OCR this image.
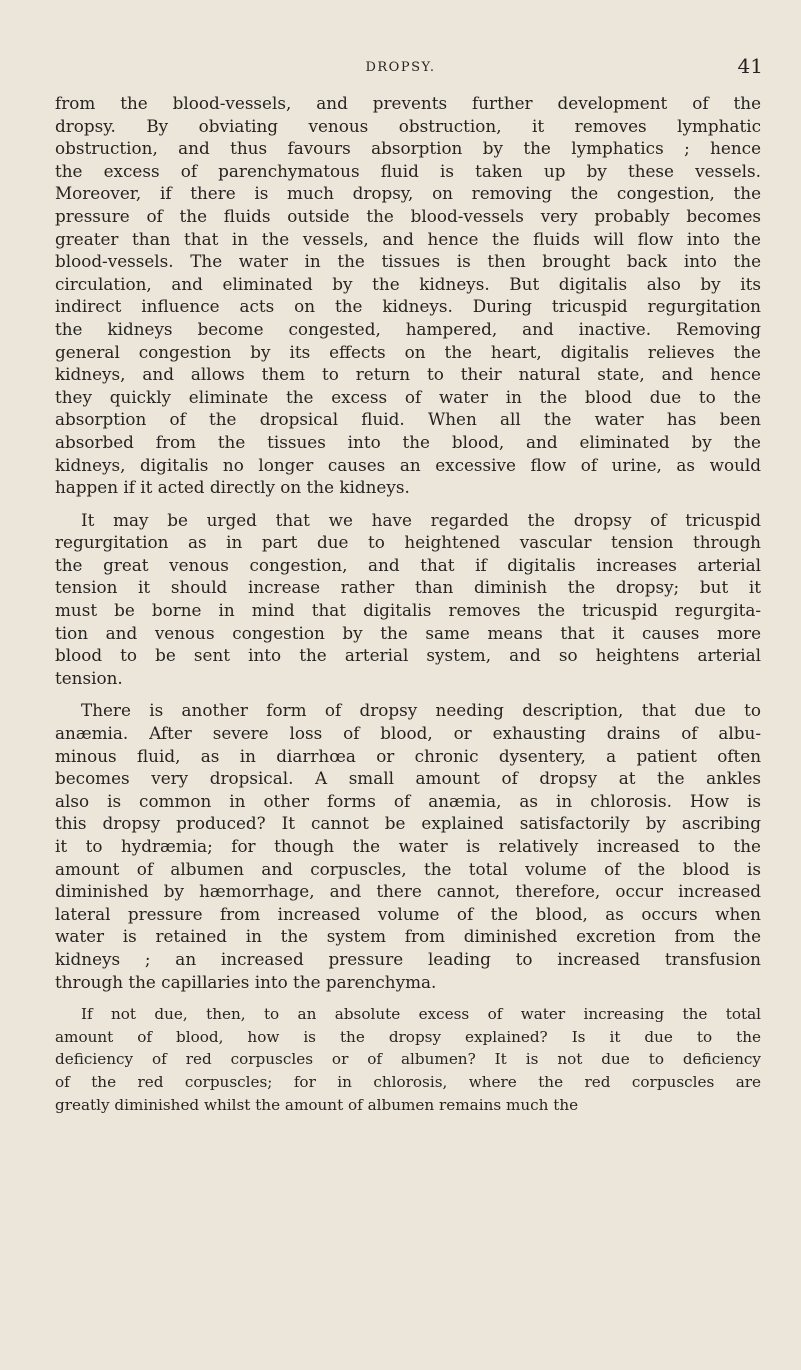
DROPSY.	41
from the blood-vessels, and prevents further development of the
dropsy. By obviating venous obstruction, it removes lymphatic
obstruction, and thus favours absorption by the lymphatics ; hence
the excess of parenchymatous fluid is taken up by these vessels.
Moreover, if there is much dropsy, on removing the congestion, the
pressure of the fluids outside the blood-vessels very probably becomes
greater than that in the vessels, and hence the fluids will flow into the
blood-vessels. The water in the tissues is then brought back into the
circulation, and eliminated by the kidneys. But digitalis also by its
indirect influence acts on the kidneys. During tricuspid regurgitation
the kidneys become congested, hampered, and inactive. Removing
general congestion by its effects on the heart, digitalis relieves the
kidneys, and allows them to return to their natural state, and hence
they quickly eliminate the excess of water in the blood due to the
absorption of the dropsical fluid. When all the water has been
absorbed from the tissues into the blood, and eliminated by the
kidneys, digitalis no longer causes an excessive flow of urine, as would
happen if it acted directly on the kidneys.
It may be urged that we have regarded the dropsy of tricuspid
regurgitation as in part due to heightened vascular tension through
the great venous congestion, and that if digitalis increases arterial
tension it should increase rather than diminish the dropsy; but it
must be borne in mind that digitalis removes the tricuspid regurgita-
tion and venous congestion by the same means that it causes more
blood to be sent into the arterial system, and so heightens arterial
tension.
There is another form of dropsy needing description, that due to
anæmia. After severe loss of blood, or exhausting drains of albu-
minous fluid, as in diarrhœa or chronic dysentery, a patient often
becomes very dropsical. A small amount of dropsy at the ankles
also is common in other forms of anæmia, as in chlorosis. How is
this dropsy produced? It cannot be explained satisfactorily by ascribing
it to hydræmia; for though the water is relatively increased to the
amount of albumen and corpuscles, the total volume of the blood is
diminished by hæmorrhage, and there cannot, therefore, occur increased
lateral pressure from increased volume of the blood, as occurs when
water is retained in the system from diminished excretion from the
kidneys ; an increased pressure leading to increased transfusion
through the capillaries into the parenchyma.
If not due, then, to an absolute excess of water increasing the total
amount of blood, how is the dropsy explained? Is it due to the
deficiency of red corpuscles or of albumen? It is not due to deficiency
of the red corpuscles; for in chlorosis, where the red corpuscles are
greatly diminished whilst the amount of albumen remains much the
